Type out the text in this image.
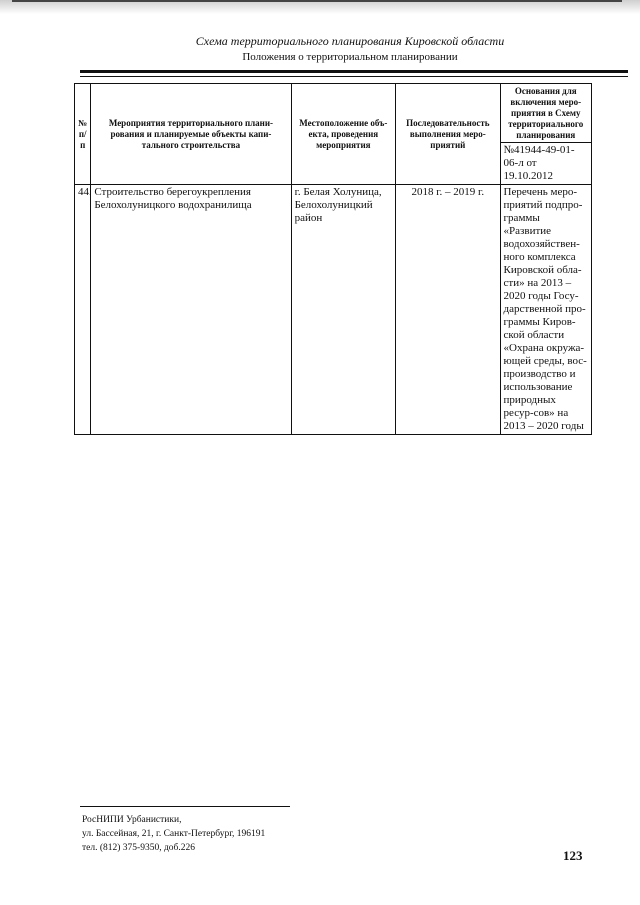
Схема территориального планирования Кировской области
Положения о территориальном планировании
№ п/п	Мероприятия территориального плани-рования и планируемые объекты капи-тального строительства	Местоположение объ-екта, проведения мероприятия	Последовательность выполнения меро-приятий	Основания для включения меро-приятия в Схему территориального планирования
				№41944-49-01-06-л от 19.10.2012
44.	Строительство берегоукрепления Белохолуницкого водохранилища	г. Белая Холуница, Белохолуницкий район	2018 г. – 2019 г.	Перечень меро-приятий подпро-граммы «Развитие водохозяйствен-ного комплекса Кировской обла-сти» на 2013 – 2020 годы Госу-дарственной про-граммы Киров-ской области «Охрана окружа-ющей среды, вос-производство и использование природных ресур-сов» на 2013 – 2020 годы
РосНИПИ Урбанистики,
ул. Бассейная, 21, г. Санкт-Петербург, 196191
тел. (812) 375-9350, доб.226	123
